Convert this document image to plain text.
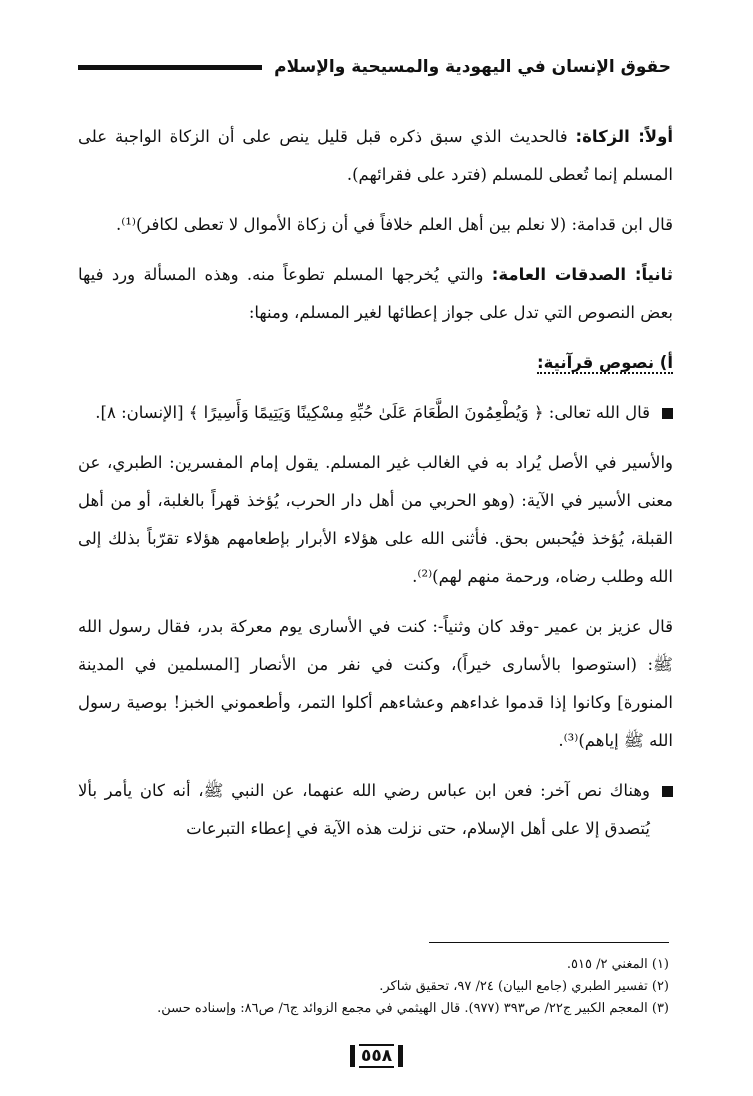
حقوق الإنسان في اليهودية والمسيحية والإسلام

أولاً: الزكاة: فالحديث الذي سبق ذكره قبل قليل ينص على أن الزكاة الواجبة على المسلم إنما تُعطى للمسلم (فترد على فقرائهم).

قال ابن قدامة: (لا نعلم بين أهل العلم خلافاً في أن زكاة الأموال لا تعطى لكافر)⁽¹⁾.

ثانياً: الصدقات العامة: والتي يُخرجها المسلم تطوعاً منه. وهذه المسألة ورد فيها بعض النصوص التي تدل على جواز إعطائها لغير المسلم، ومنها:

أ) نصوص قرآنية:
قال الله تعالى: ﴿ وَيُطْعِمُونَ الطَّعَامَ عَلَىٰ حُبِّهِ مِسْكِينًا وَيَتِيمًا وَأَسِيرًا ﴾ [الإنسان: ٨].

والأسير في الأصل يُراد به في الغالب غير المسلم. يقول إمام المفسرين: الطبري، عن معنى الأسير في الآية: (وهو الحربي من أهل دار الحرب، يُؤخذ قهراً بالغلبة، أو من أهل القبلة، يُؤخذ فيُحبس بحق. فأثنى الله على هؤلاء الأبرار بإطعامهم هؤلاء تقرّباً بذلك إلى الله وطلب رضاه، ورحمة منهم لهم)⁽²⁾.

قال عزيز بن عمير -وقد كان وثنياً-: كنت في الأسارى يوم معركة بدر، فقال رسول الله ﷺ: (استوصوا بالأسارى خيراً)، وكنت في نفر من الأنصار [المسلمين في المدينة المنورة] وكانوا إذا قدموا غداءهم وعشاءهم أكلوا التمر، وأطعموني الخبز! بوصية رسول الله ﷺ إياهم)⁽³⁾.

وهناك نص آخر: فعن ابن عباس رضي الله عنهما، عن النبي ﷺ، أنه كان يأمر بألا يُتصدق إلا على أهل الإسلام، حتى نزلت هذه الآية في إعطاء التبرعات

(١) المغني ٢/ ٥١٥.

(٢) تفسير الطبري (جامع البيان) ٢٤/ ٩٧، تحقيق شاكر.

(٣) المعجم الكبير ج٢٢/ ص٣٩٣ (٩٧٧). قال الهيثمي في مجمع الزوائد ج٦/ ص٨٦: وإسناده حسن.

٥٥٨
